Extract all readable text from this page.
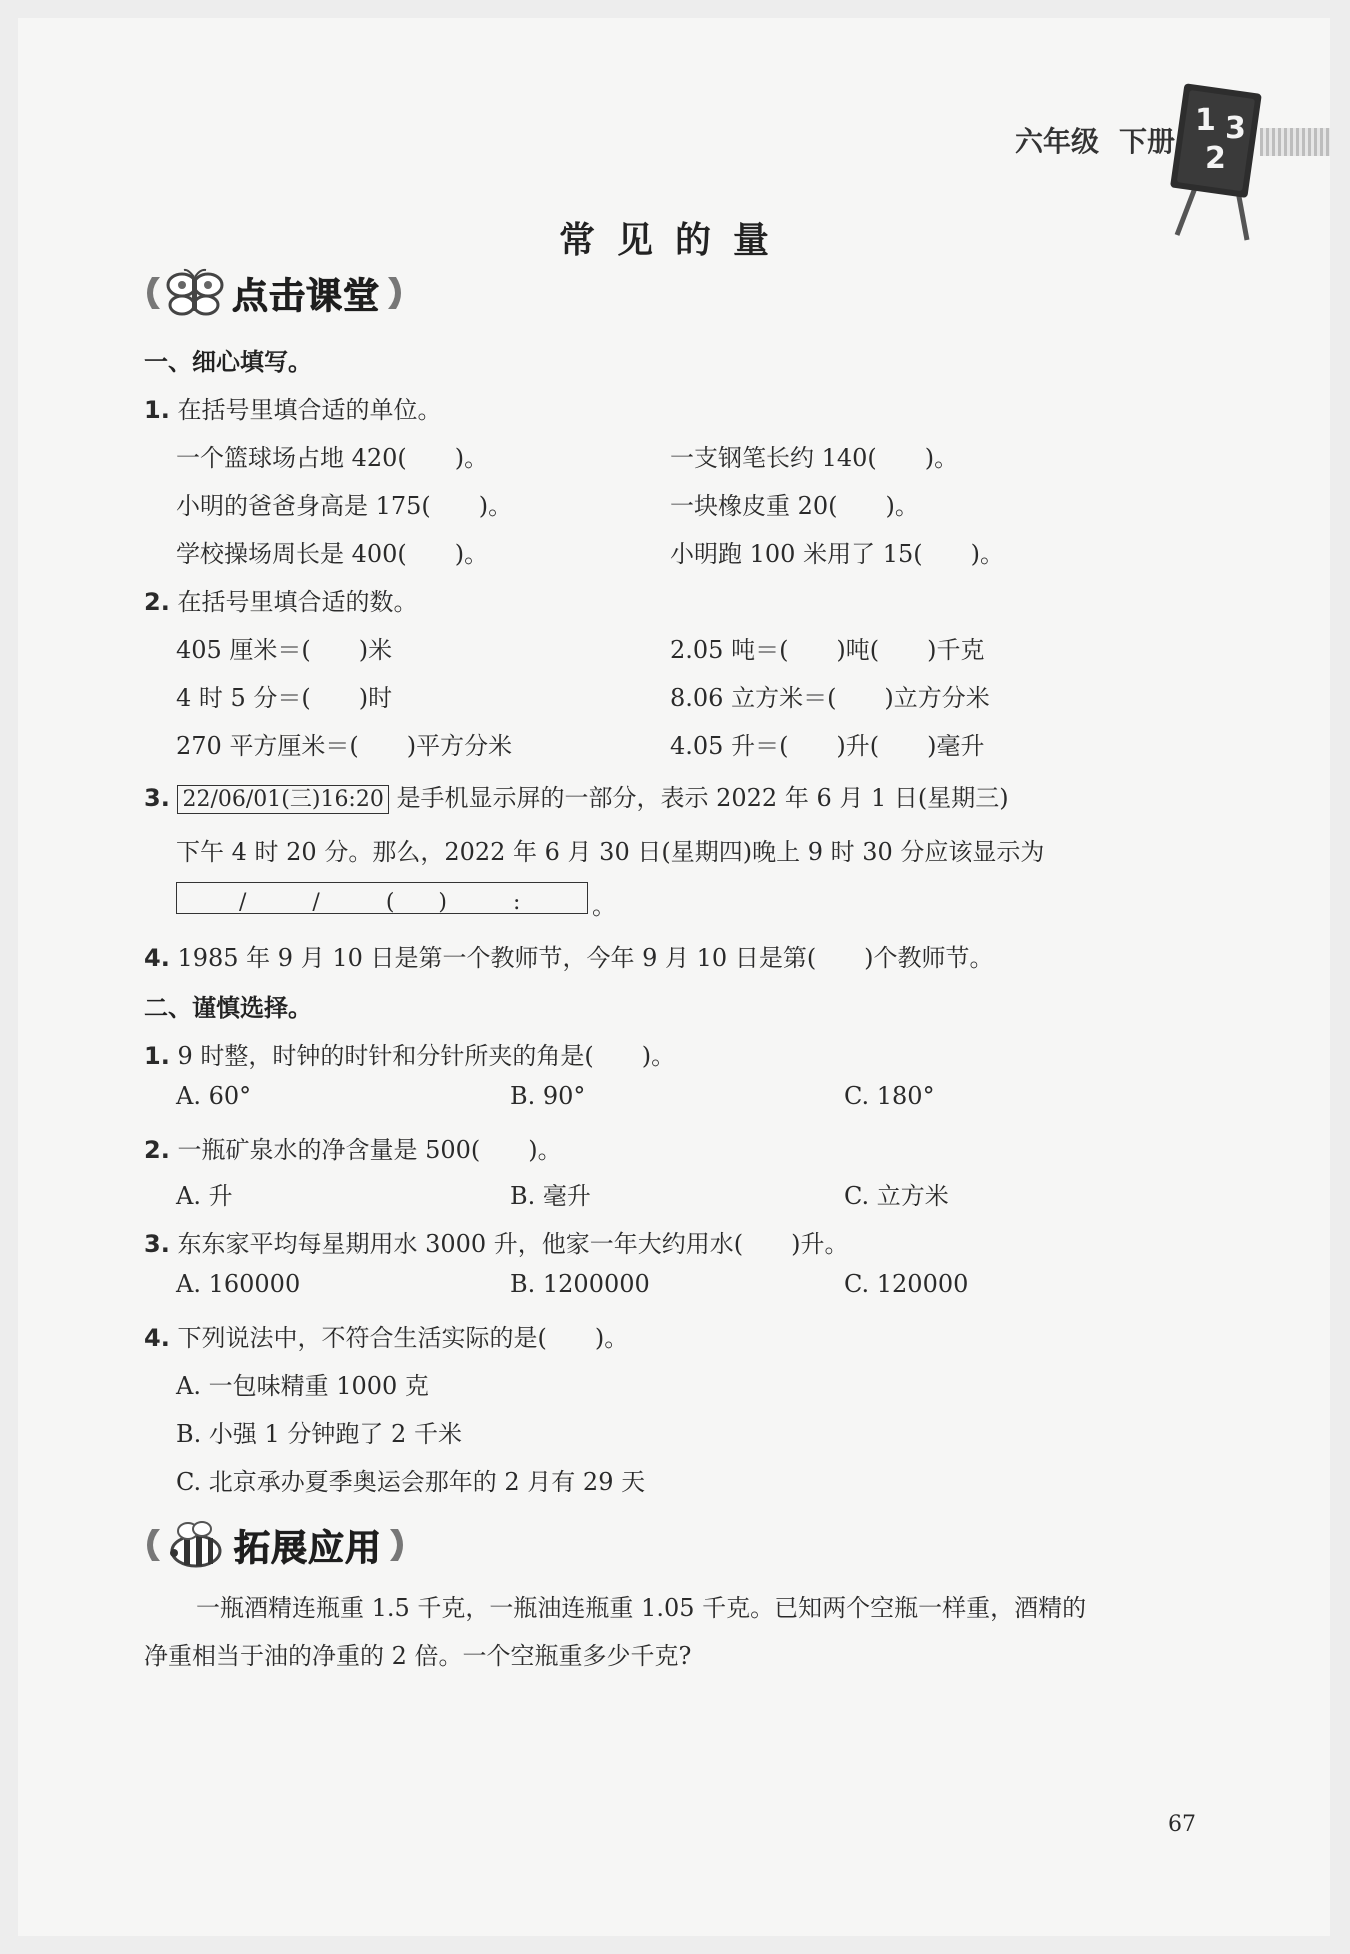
六年级 下册
1 3
2
常见的量
点击课堂
一、细心填写。
1. 在括号里填合适的单位。
一个篮球场占地 420(　　)。	一支钢笔长约 140(　　)。
小明的爸爸身高是 175(　　)。	一块橡皮重 20(　　)。
学校操场周长是 400(　　)。	小明跑 100 米用了 15(　　)。
2. 在括号里填合适的数。
405 厘米＝(　　)米	2.05 吨＝(　　)吨(　　)千克
4 时 5 分＝(　　)时	8.06 立方米＝(　　)立方分米
270 平方厘米＝(　　)平方分米	4.05 升＝(　　)升(　　)毫升
3. 22/06/01(三)16:20 是手机显示屏的一部分，表示 2022 年 6 月 1 日(星期三)
下午 4 时 20 分。那么，2022 年 6 月 30 日(星期四)晚上 9 时 30 分应该显示为
/　　　/　　　(　　)　　　:	。
4. 1985 年 9 月 10 日是第一个教师节，今年 9 月 10 日是第(　　)个教师节。
二、谨慎选择。
1. 9 时整，时钟的时针和分针所夹的角是(　　)。
A. 60°	B. 90°	C. 180°
2. 一瓶矿泉水的净含量是 500(　　)。
A. 升	B. 毫升	C. 立方米
3. 东东家平均每星期用水 3000 升，他家一年大约用水(　　)升。
A. 160000	B. 1200000	C. 120000
4. 下列说法中，不符合生活实际的是(　　)。
A. 一包味精重 1000 克
B. 小强 1 分钟跑了 2 千米
C. 北京承办夏季奥运会那年的 2 月有 29 天
拓展应用
一瓶酒精连瓶重 1.5 千克，一瓶油连瓶重 1.05 千克。已知两个空瓶一样重，酒精的
净重相当于油的净重的 2 倍。一个空瓶重多少千克?
67
